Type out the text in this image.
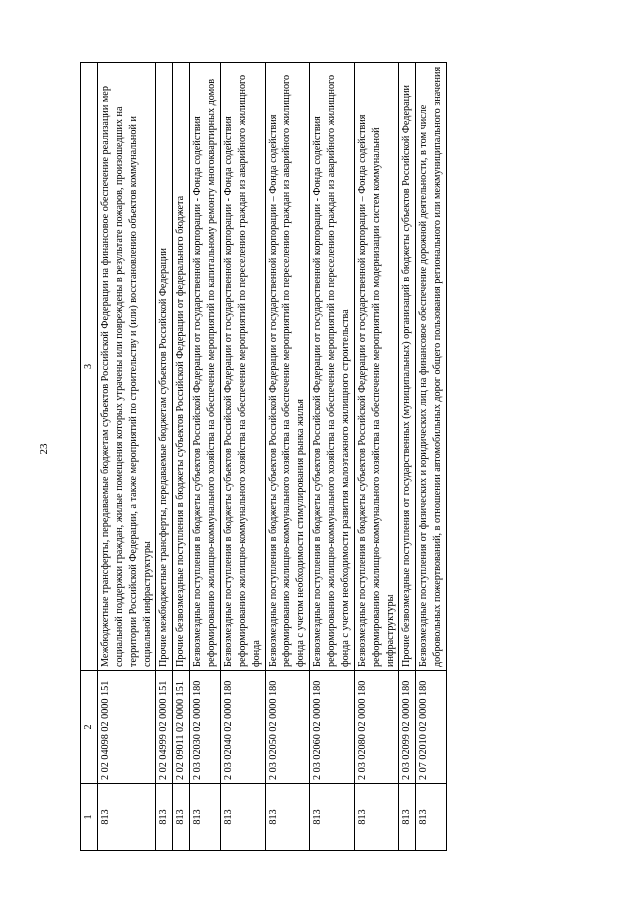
23
1	2	3
813	2 02 04098 02 0000 151	Межбюджетные трансферты, передаваемые бюджетам субъектов Российской Федерации на финансовое обеспечение реализации мер социальной поддержки граждан, жилые помещения которых утрачены или повреждены в результате пожаров, произошедших на территории Российской Федерации, а также мероприятий по строительству и (или) восстановлению объектов коммунальной и социальной инфраструктуры
813	2 02 04999 02 0000 151	Прочие межбюджетные трансферты, передаваемые бюджетам субъектов Российской Федерации
813	2 02 09011 02 0000 151	Прочие безвозмездные поступления в бюджеты субъектов Российской Федерации от федерального бюджета
813	2 03 02030 02 0000 180	Безвозмездные поступления в бюджеты субъектов Российской Федерации от государственной корпорации - Фонда содействия реформированию жилищно-коммунального хозяйства на обеспечение мероприятий по капитальному ремонту многоквартирных домов
813	2 03 02040 02 0000 180	Безвозмездные поступления в бюджеты субъектов Российской Федерации от государственной корпорации - Фонда содействия реформированию жилищно-коммунального хозяйства на обеспечение мероприятий по переселению граждан из аварийного жилищного фонда
813	2 03 02050 02 0000 180	Безвозмездные поступления в бюджеты субъектов Российской Федерации от государственной корпорации – Фонда содействия реформированию жилищно-коммунального хозяйства на обеспечение мероприятий по переселению граждан из аварийного жилищного фонда с учетом необходимости стимулирования рынка жилья
813	2 03 02060 02 0000 180	Безвозмездные поступления в бюджеты субъектов Российской Федерации от государственной корпорации - Фонда содействия реформированию жилищно-коммунального хозяйства на обеспечение мероприятий по переселению граждан из аварийного жилищного фонда с учетом необходимости развития малоэтажного жилищного строительства
813	2 03 02080 02 0000 180	Безвозмездные поступления в бюджеты субъектов Российской Федерации от государственной корпорации – Фонда содействия реформированию жилищно-коммунального хозяйства на обеспечение мероприятий по модернизации систем коммунальной инфраструктуры
813	2 03 02099 02 0000 180	Прочие безвозмездные поступления от государственных (муниципальных) организаций в бюджеты субъектов Российской Федерации
813	2 07 02010 02 0000 180	Безвозмездные поступления от физических и юридических лиц на финансовое обеспечение дорожной деятельности, в том числе добровольных пожертвований, в отношении автомобильных дорог общего пользования регионального или межмуниципального значения
